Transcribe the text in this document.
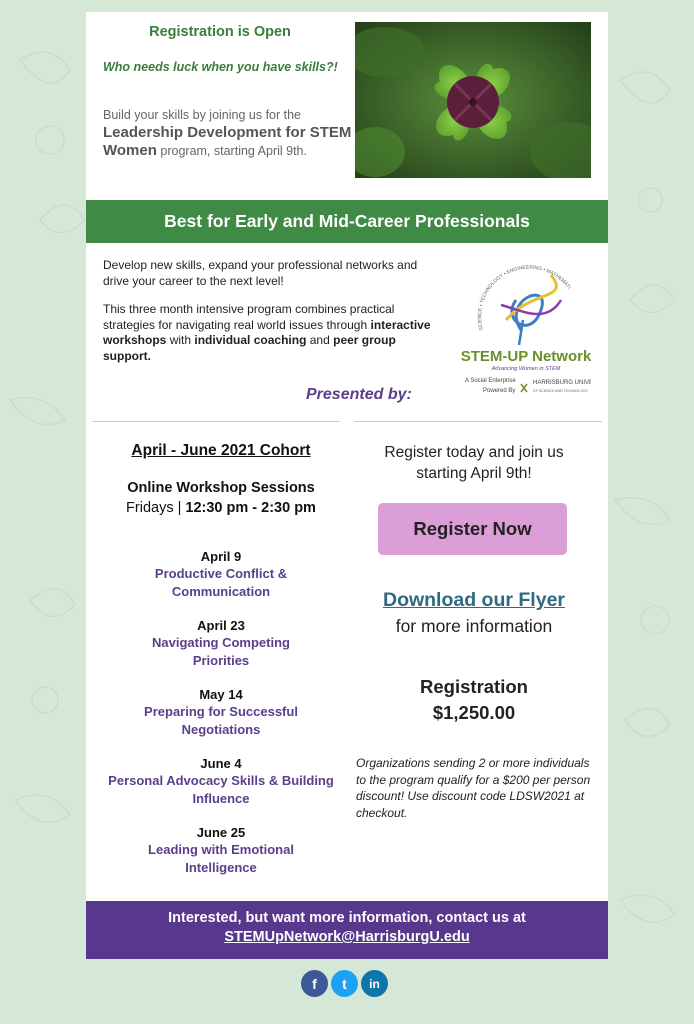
Registration is Open
Who needs luck when you have skills?!
Build your skills by joining us for the
Leadership Development for STEM Women program, starting April 9th.
Best for Early and Mid-Career Professionals
Develop new skills, expand your professional networks and drive your career to the next level!
This three month intensive program combines practical strategies for navigating real world issues through interactive workshops with individual coaching and peer group support.
SCIENCE • TECHNOLOGY • ENGINEERING • MATHEMATI
STEM-UP Network
Advancing Women in STEM
A Social Enterprise
Powered By
HARRISBURG UNIV
OF SCIENCE AND TECHNOLOGY
Presented by:
April - June 2021 Cohort
Online Workshop Sessions
Fridays | 12:30 pm - 2:30 pm
April 9
Productive Conflict & Communication
April 23
Navigating Competing Priorities
May 14
Preparing for Successful Negotiations
June 4
Personal Advocacy Skills & Building Influence
June 25
Leading with Emotional Intelligence
Register today and join us starting April 9th!
Register Now
Download our Flyer
for more information
Registration
$1,250.00
Organizations sending 2 or more individuals to the program qualify for a $200 per person discount! Use discount code LDSW2021 at checkout.
Interested, but want more information, contact us at
STEMUpNetwork@HarrisburgU.edu
f	t	in
